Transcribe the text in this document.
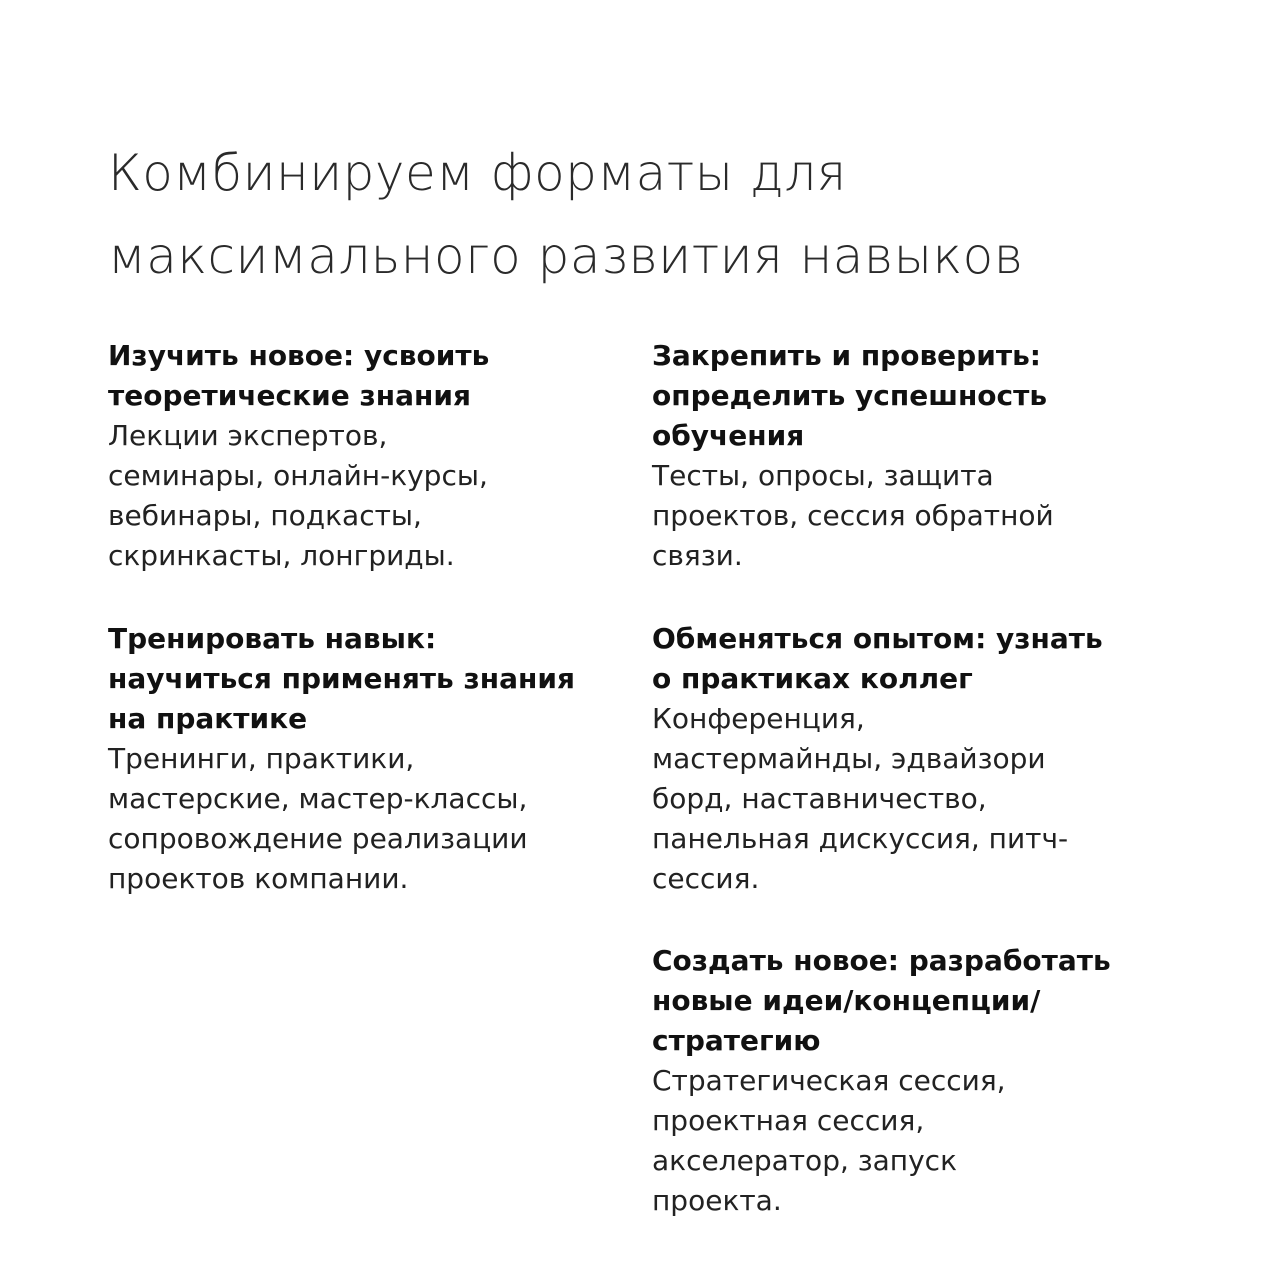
Комбинируем форматы для
максимального развития навыков
Изучить новое: усвоить
теоретические знания
Лекции экспертов,
семинары, онлайн-курсы,
вебинары, подкасты,
скринкасты, лонгриды.
Закрепить и проверить:
определить успешность
обучения
Тесты, опросы, защита
проектов, сессия обратной
связи.
Тренировать навык:
научиться применять знания
на практике
Тренинги, практики,
мастерские, мастер-классы,
сопровождение реализации
проектов компании.
Обменяться опытом: узнать
о практиках коллег
Конференция,
мастермайнды, эдвайзори
борд, наставничество,
панельная дискуссия, питч-
сессия.
Создать новое: разработать
новые идеи/концепции/
стратегию
Стратегическая сессия,
проектная сессия,
акселератор, запуск
проекта.
